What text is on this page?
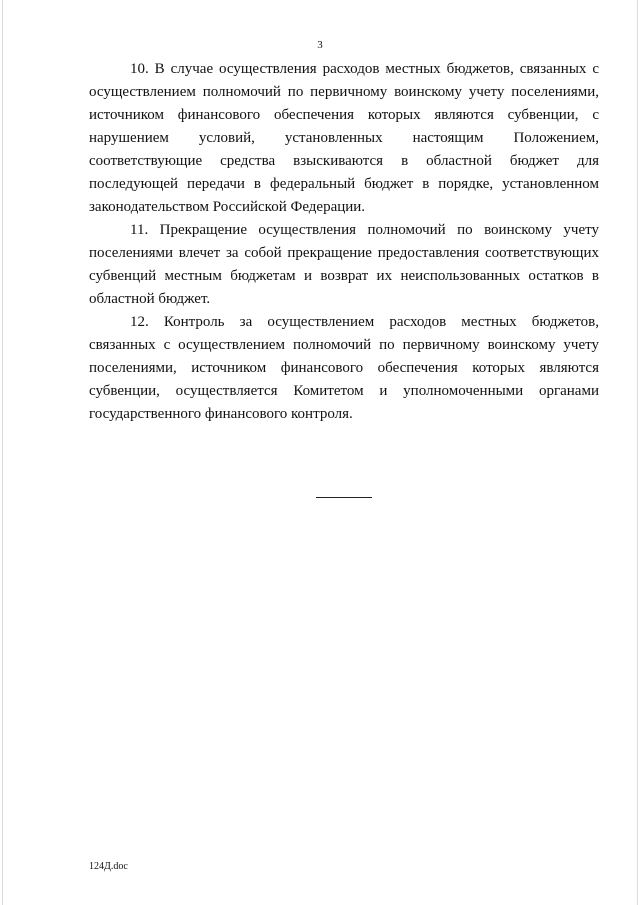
3

10. В случае осуществления расходов местных бюджетов, связанных с осуществлением полномочий по первичному воинскому учету поселениями, источником финансового обеспечения которых являются субвенции, с нарушением условий, установленных настоящим Положением, соответствующие средства взыскиваются в областной бюджет для последующей передачи в федеральный бюджет в порядке, установленном законодательством Российской Федерации.

11. Прекращение осуществления полномочий по воинскому учету поселениями влечет за собой прекращение предоставления соответствующих субвенций местным бюджетам и возврат их неиспользованных остатков в областной бюджет.

12. Контроль за осуществлением расходов местных бюджетов, связанных с осуществлением полномочий по первичному воинскому учету поселениями, источником финансового обеспечения которых являются субвенции, осуществляется Комитетом и уполномоченными органами государственного финансового контроля.

124Д.doc
